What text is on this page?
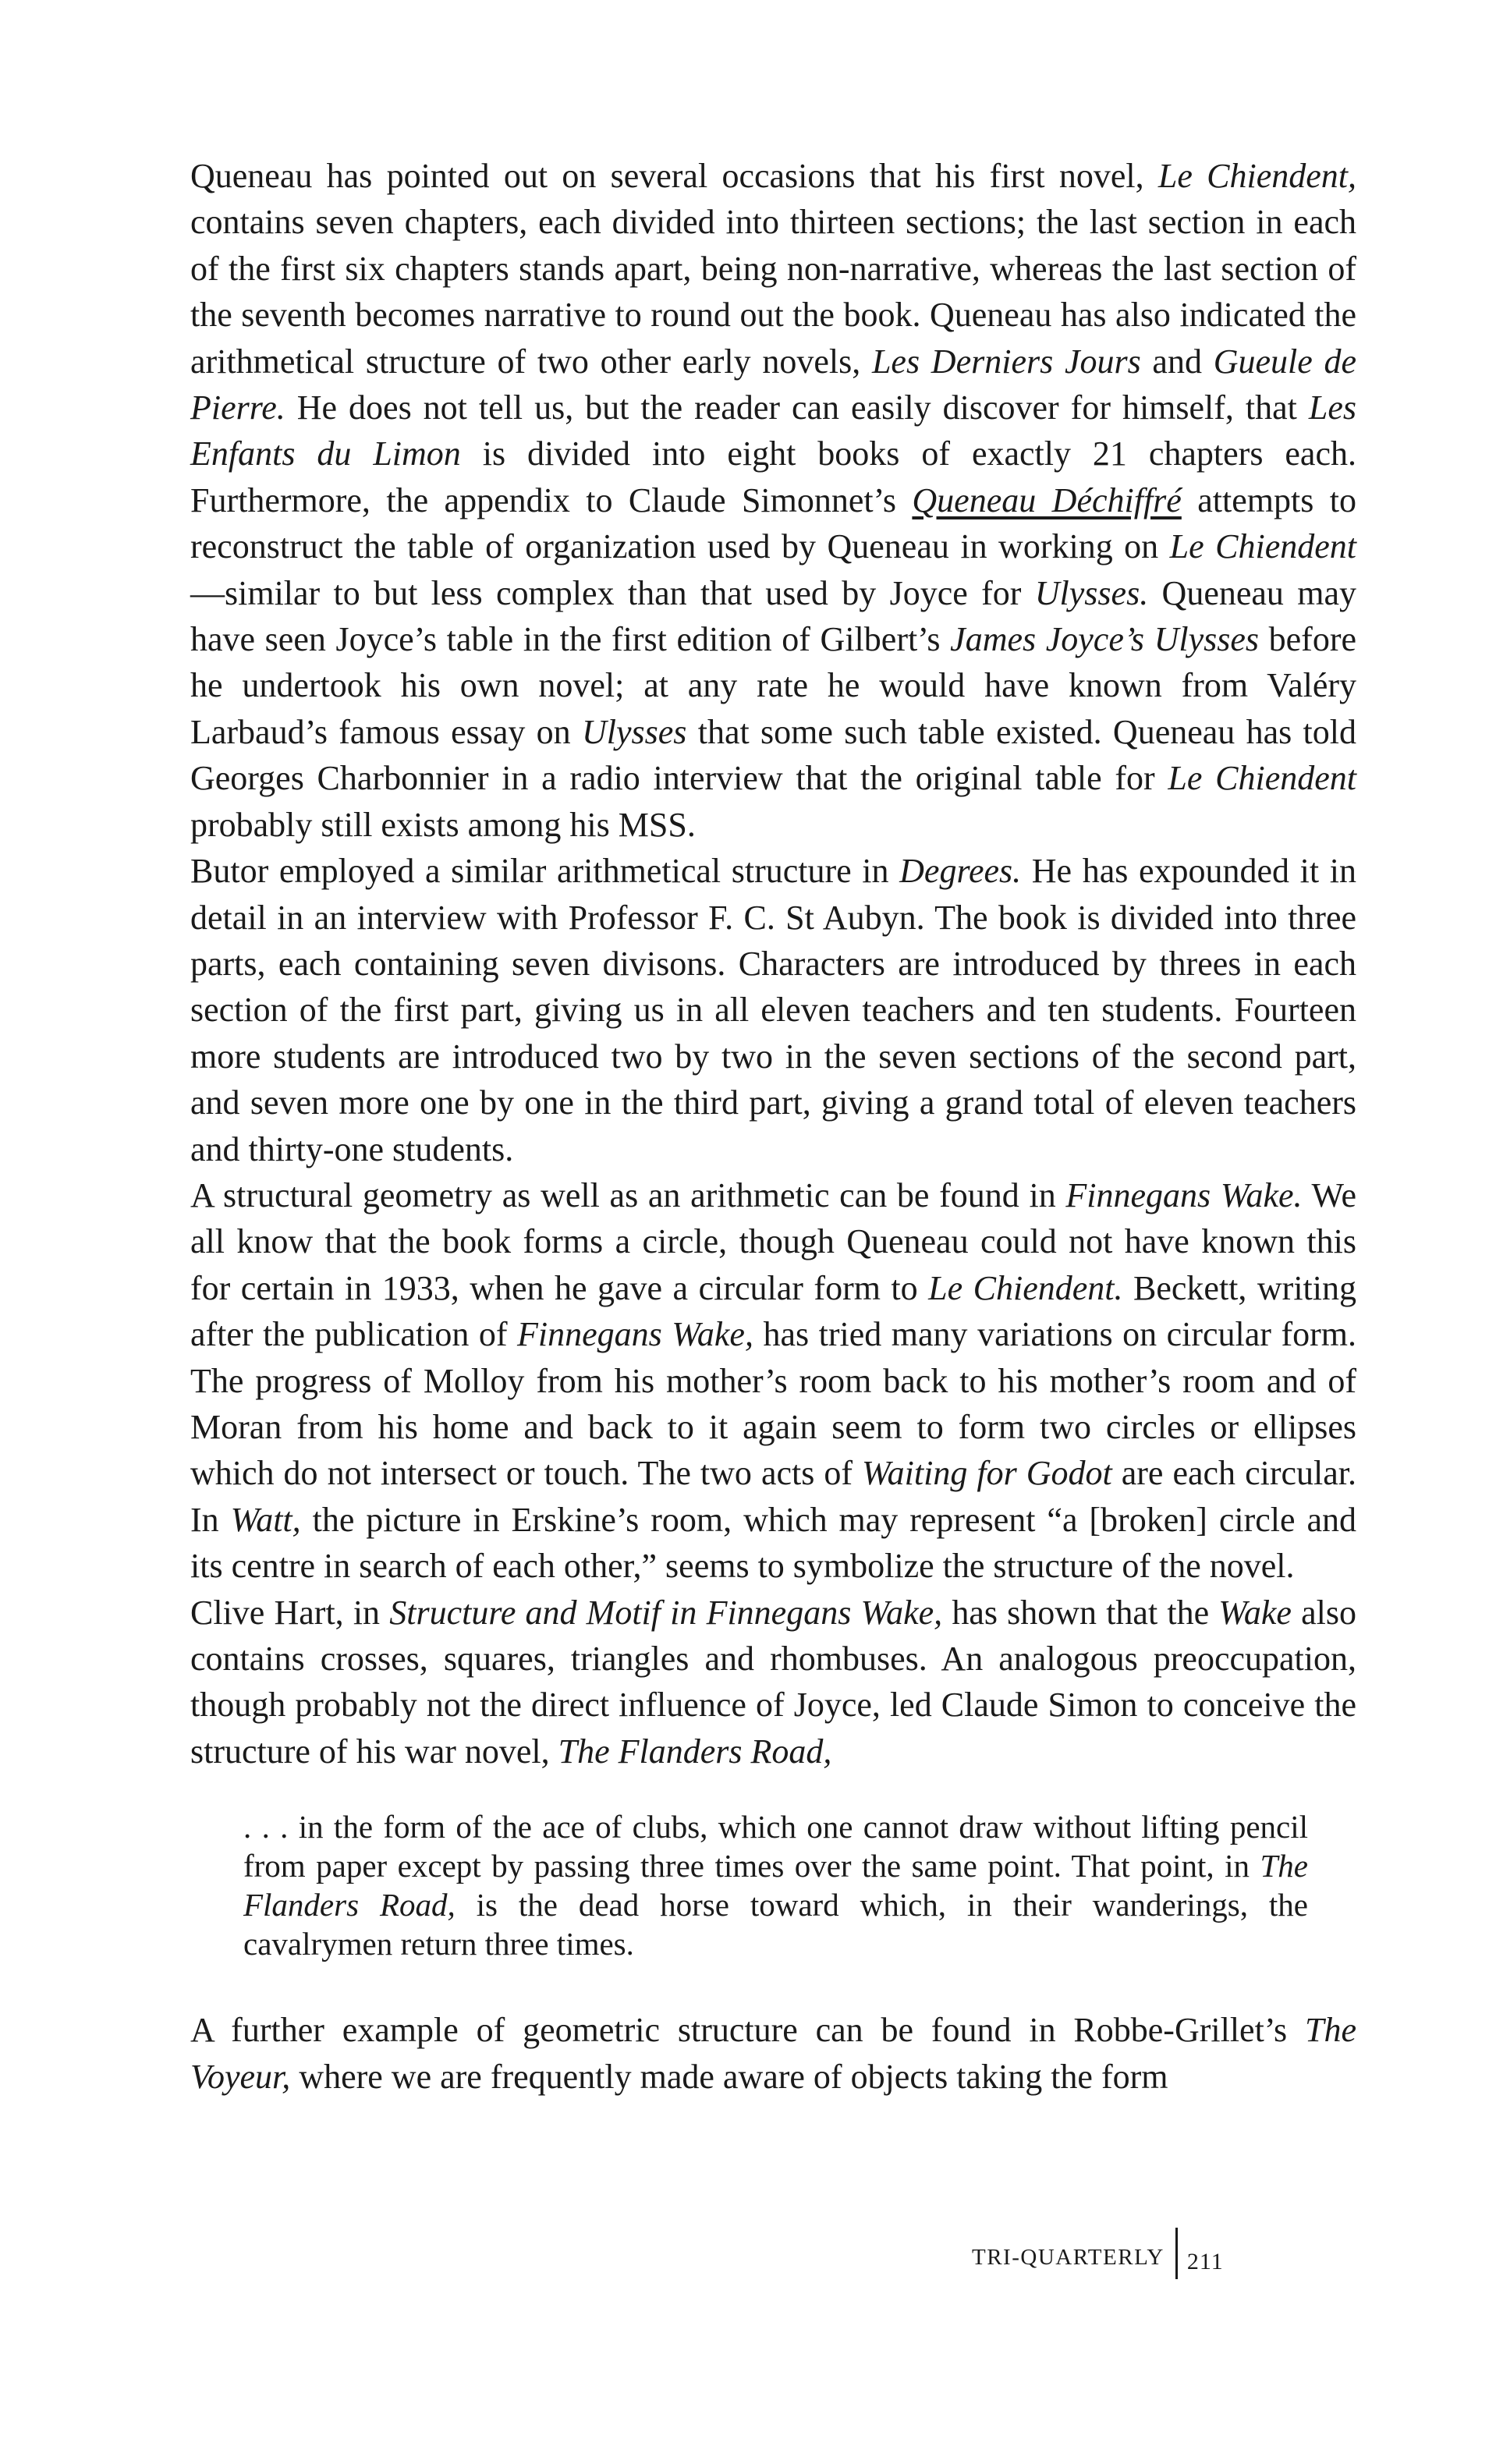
Queneau has pointed out on several occasions that his first novel, Le Chiendent, contains seven chapters, each divided into thirteen sections; the last section in each of the first six chapters stands apart, being non-narrative, whereas the last section of the seventh becomes narrative to round out the book. Queneau has also indicated the arithmetical structure of two other early novels, Les Derniers Jours and Gueule de Pierre. He does not tell us, but the reader can easily discover for himself, that Les Enfants du Limon is divided into eight books of exactly 21 chapters each. Furthermore, the appendix to Claude Simonnet’s Queneau Déchiffré attempts to reconstruct the table of organization used by Queneau in working on Le Chiendent—similar to but less complex than that used by Joyce for Ulysses. Queneau may have seen Joyce’s table in the first edition of Gilbert’s James Joyce’s Ulysses before he undertook his own novel; at any rate he would have known from Valéry Larbaud’s famous essay on Ulysses that some such table existed. Queneau has told Georges Charbonnier in a radio interview that the original table for Le Chiendent probably still exists among his MSS.

Butor employed a similar arithmetical structure in Degrees. He has expounded it in detail in an interview with Professor F. C. St Aubyn. The book is divided into three parts, each containing seven divisons. Characters are introduced by threes in each section of the first part, giving us in all eleven teachers and ten students. Fourteen more students are introduced two by two in the seven sections of the second part, and seven more one by one in the third part, giving a grand total of eleven teachers and thirty-one students.

A structural geometry as well as an arithmetic can be found in Finnegans Wake. We all know that the book forms a circle, though Queneau could not have known this for certain in 1933, when he gave a circular form to Le Chiendent. Beckett, writing after the publication of Finnegans Wake, has tried many variations on circular form. The progress of Molloy from his mother’s room back to his mother’s room and of Moran from his home and back to it again seem to form two circles or ellipses which do not intersect or touch. The two acts of Waiting for Godot are each circular. In Watt, the picture in Erskine’s room, which may represent “a [broken] circle and its centre in search of each other,” seems to symbolize the structure of the novel.

Clive Hart, in Structure and Motif in Finnegans Wake, has shown that the Wake also contains crosses, squares, triangles and rhombuses. An analogous preoccupation, though probably not the direct influence of Joyce, led Claude Simon to conceive the structure of his war novel, The Flanders Road,

. . . in the form of the ace of clubs, which one cannot draw without lifting pencil from paper except by passing three times over the same point. That point, in The Flanders Road, is the dead horse toward which, in their wanderings, the cavalrymen return three times.

A further example of geometric structure can be found in Robbe-Grillet’s The Voyeur, where we are frequently made aware of objects taking the form

TRI-QUARTERLY 211
